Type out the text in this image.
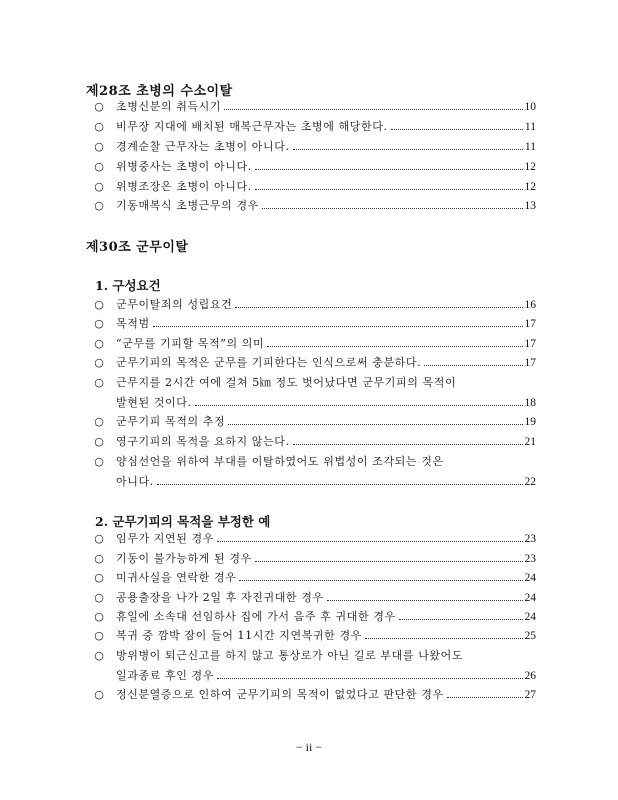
제28조 초병의 수소이탈
○ 초병신분의 취득시기	10
○ 비무장 지대에 배치된 매복근무자는 초병에 해당한다.	11
○ 경계순찰 근무자는 초병이 아니다.	11
○ 위병중사는 초병이 아니다.	12
○ 위병조장은 초병이 아니다.	12
○ 기동매복식 초병근무의 경우	13
제30조 군무이탈
1. 구성요건
○ 군무이탈죄의 성립요건	16
○ 목적범	17
○ “군무를 기피할 목적”의 의미	17
○ 군무기피의 목적은 군무를 기피한다는 인식으로써 충분하다.	17
○ 근무지를 2시간 여에 걸쳐 5㎞ 정도 벗어났다면 군무기피의 목적이
발현된 것이다.	18
○ 군무기피 목적의 추정	19
○ 영구기피의 목적을 요하지 않는다.	21
○ 양심선언을 위하여 부대를 이탈하였어도 위법성이 조각되는 것은
아니다.	22
2. 군무기피의 목적을 부정한 예
○ 임무가 지연된 경우	23
○ 기동이 불가능하게 된 경우	23
○ 미귀사실을 연락한 경우	24
○ 공용출장을 나가 2일 후 자진귀대한 경우	24
○ 휴일에 소속대 선임하사 집에 가서 음주 후 귀대한 경우	24
○ 복귀 중 깜박 잠이 들어 11시간 지연복귀한 경우	25
○ 방위병이 퇴근신고를 하지 않고 통상로가 아닌 길로 부대를 나왔어도
일과종료 후인 경우	26
○ 정신분열증으로 인하여 군무기피의 목적이 없었다고 판단한 경우	27
− ii −
